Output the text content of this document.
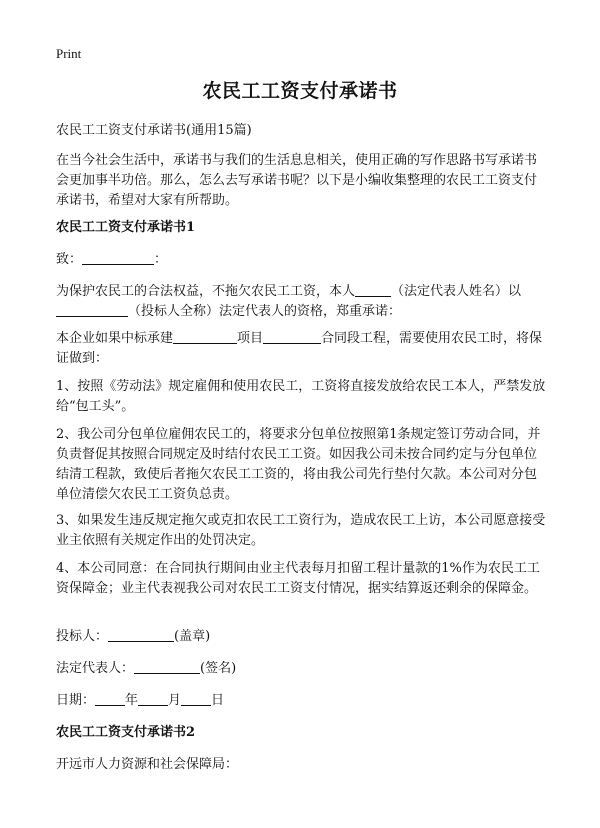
Print
农民工工资支付承诺书
农民工工资支付承诺书(通用15篇)
在当今社会生活中，承诺书与我们的生活息息相关，使用正确的写作思路书写承诺书会更加事半功倍。那么，怎么去写承诺书呢？以下是小编收集整理的农民工工资支付承诺书，希望对大家有所帮助。
农民工工资支付承诺书1
致：	：
为保护农民工的合法权益，不拖欠农民工工资，本人	（法定代表人姓名）以
（投标人全称）法定代表人的资格，郑重承诺：
本企业如果中标承建	项目	合同段工程，需要使用农民工时，将保证做到：
1、按照《劳动法》规定雇佣和使用农民工，工资将直接发放给农民工本人，严禁发放给“包工头”。
2、我公司分包单位雇佣农民工的，将要求分包单位按照第1条规定签订劳动合同，并负责督促其按照合同规定及时结付农民工工资。如因我公司未按合同约定与分包单位结清工程款，致使后者拖欠农民工工资的，将由我公司先行垫付欠款。本公司对分包单位清偿欠农民工工资负总责。
3、如果发生违反规定拖欠或克扣农民工工资行为，造成农民工上访，本公司愿意接受业主依照有关规定作出的处罚决定。
4、本公司同意：在合同执行期间由业主代表每月扣留工程计量款的1%作为农民工工资保障金；业主代表视我公司对农民工工资支付情况，据实结算返还剩余的保障金。
投标人：	(盖章)
法定代表人：	(签名)
日期： 年 月 日
农民工工资支付承诺书2
开远市人力资源和社会保障局：
